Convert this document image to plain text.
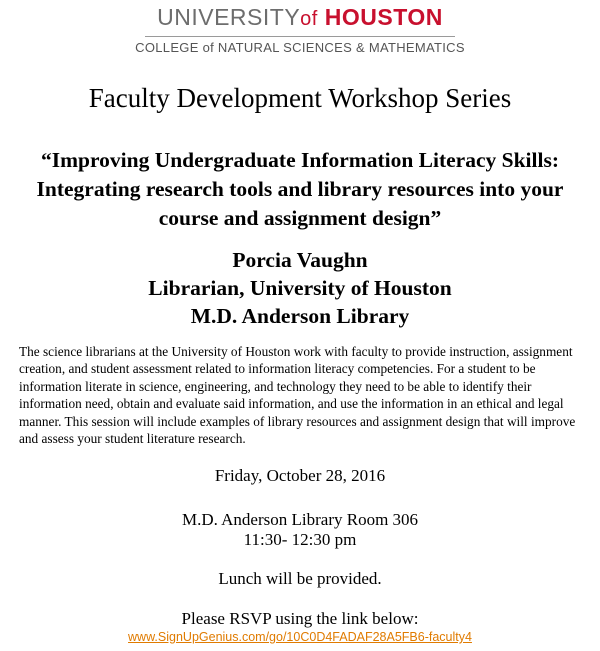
UNIVERSITYof HOUSTON
COLLEGE of NATURAL SCIENCES & MATHEMATICS
Faculty Development Workshop Series
“Improving Undergraduate Information Literacy Skills: Integrating research tools and library resources into your course and assignment design”
Porcia Vaughn
Librarian, University of Houston
M.D. Anderson Library
The science librarians at the University of Houston work with faculty to provide instruction, assignment creation, and student assessment related to information literacy competencies. For a student to be information literate in science, engineering, and technology they need to be able to identify their information need, obtain and evaluate said information, and use the information in an ethical and legal manner. This session will include examples of library resources and assignment design that will improve and assess your student literature research.
Friday, October 28, 2016
M.D. Anderson Library Room 306
11:30- 12:30 pm
Lunch will be provided.
Please RSVP using the link below:
www.SignUpGenius.com/go/10C0D4FADAF28A5FB6-faculty4
